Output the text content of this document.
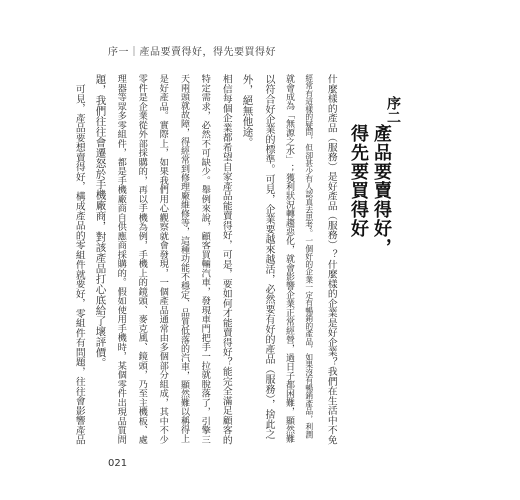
序一｜產品要賣得好，得先要買得好
序二
產品要賣得好，
得先要買得好
什麼樣的產品（服務）是好產品（服務）？什麼樣的企業是好企業？我們在生活中不免
經常有這樣的疑問，但卻甚少有人認真去思考。一個好的企業一定有暢銷的產品，如果沒有暢銷產品，利潤
就會成為「無源之水」；獲利狀況轉趨惡化，就會影響企業正常經營，過日子都困難，顯然難
以符合好企業的標準。可見，企業要越來越活，必然要有好的產品（服務），捨此之
外，絕無他途。
相信每個企業都希望自家產品能賣得好，可是，要如何才能賣得好？能完全滿足顧客的
特定需求，必然不可缺少。舉例來說，顧客買輛汽車，發現車門把手一拉就脫落了，引擎三
天兩頭就故障，得經常到修理廠維修等，這種功能不穩定、品質低落的汽車，顯然難以稱得上
是好產品。實際上，如果我們用心觀察就會發現，一個產品通常由多個部分組成，其中不少
零件是企業從外部採購的，再以手機為例，手機上的鏡頭、麥克風、鏡頭，乃至主機板、處
理器等眾多零組件，都是手機廠商自供應商採購的。假如使用手機時，某個零件出現品質問
題，我們往往會遷怒於手機廠商，對該產品打心底給了壞評價。
可見，產品要想賣得好，構成產品的零組件就要好，零組件有問題，往往會影響產品
021
